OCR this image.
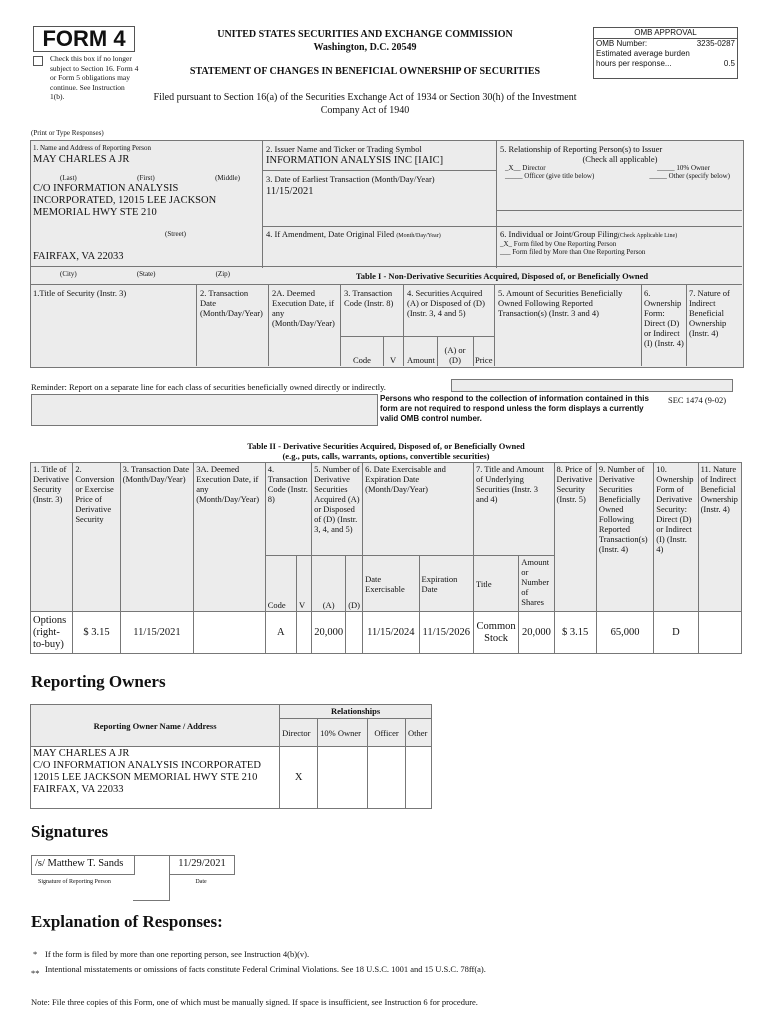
FORM 4
Check this box if no longer subject to Section 16. Form 4 or Form 5 obligations may continue. See Instruction 1(b).
UNITED STATES SECURITIES AND EXCHANGE COMMISSION
Washington, D.C. 20549
STATEMENT OF CHANGES IN BENEFICIAL OWNERSHIP OF SECURITIES
Filed pursuant to Section 16(a) of the Securities Exchange Act of 1934 or Section 30(h) of the Investment Company Act of 1940
OMB APPROVAL
OMB Number:	3235-0287
Estimated average burden
hours per response...	0.5
(Print or Type Responses)
1. Name and Address of Reporting Person
MAY CHARLES A JR
(Last)	(First)	(Middle)
C/O INFORMATION ANALYSIS
INCORPORATED, 12015 LEE JACKSON
MEMORIAL HWY STE 210
(Street)
FAIRFAX, VA 22033
(City)	(State)	(Zip)
2. Issuer Name and Ticker or Trading Symbol
INFORMATION ANALYSIS INC [IAIC]
3. Date of Earliest Transaction (Month/Day/Year)
11/15/2021
4. If Amendment, Date Original Filed (Month/Day/Year)
5. Relationship of Reporting Person(s) to Issuer
(Check all applicable)
_X__ Director	_____ 10% Owner
_____ Officer (give title below)	_____ Other (specify below)
6. Individual or Joint/Group Filing(Check Applicable Line)
_X_ Form filed by One Reporting Person
___ Form filed by More than One Reporting Person
Table I - Non-Derivative Securities Acquired, Disposed of, or Beneficially Owned
1.Title of Security (Instr. 3)	2. Transaction Date (Month/Day/Year)
2A. Deemed Execution Date, if any (Month/Day/Year)
3. Transaction Code (Instr. 8)
4. Securities Acquired (A) or Disposed of (D) (Instr. 3, 4 and 5)
5. Amount of Securities Beneficially Owned Following Reported Transaction(s) (Instr. 3 and 4)
6. Ownership Form: Direct (D) or Indirect (I) (Instr. 4)
7. Nature of Indirect Beneficial Ownership (Instr. 4)
Code V Amount
(A) or (D)	Price
Reminder: Report on a separate line for each class of securities beneficially owned directly or indirectly.
Persons who respond to the collection of information contained in this form are not required to respond unless the form displays a currently valid OMB control number.
SEC 1474 (9-02)
Table II - Derivative Securities Acquired, Disposed of, or Beneficially Owned
(e.g., puts, calls, warrants, options, convertible securities)
1. Title of Derivative Security (Instr. 3)	2. Conversion or Exercise Price of Derivative Security	3. Transaction Date (Month/Day/Year)	3A. Deemed Execution Date, if any (Month/Day/Year)	4. Transaction Code (Instr. 8)		5. Number of Derivative Securities Acquired (A) or Disposed of (D) (Instr. 3, 4, and 5)		6. Date Exercisable and Expiration Date (Month/Day/Year)		7. Title and Amount of Underlying Securities (Instr. 3 and 4)		8. Price of Derivative Security (Instr. 5)	9. Number of Derivative Securities Beneficially Owned Following Reported Transaction(s) (Instr. 4)	10. Ownership Form of Derivative Security: Direct (D) or Indirect (I) (Instr. 4)	11. Nature of Indirect Beneficial Ownership (Instr. 4)
				Code	V	(A)	(D)	Date Exercisable	Expiration Date	Title	Amount or Number of Shares				
Options (right-to-buy)	$ 3.15	11/15/2021		A		20,000		11/15/2024	11/15/2026	Common Stock	20,000	$ 3.15	65,000	D	
Reporting Owners
Reporting Owner Name / Address	Relationships			
	Director	10% Owner	Officer	Other

MAY CHARLES A JR
C/O INFORMATION ANALYSIS INCORPORATED
12015 LEE JACKSON MEMORIAL HWY STE 210
FAIRFAX, VA 22033	X			
Signatures
/s/ Matthew T. Sands
Signature of Reporting Person
11/29/2021
Date
Explanation of Responses:
* If the form is filed by more than one reporting person, see Instruction 4(b)(v).
** Intentional misstatements or omissions of facts constitute Federal Criminal Violations. See 18 U.S.C. 1001 and 15 U.S.C. 78ff(a).
Note: File three copies of this Form, one of which must be manually signed. If space is insufficient, see Instruction 6 for procedure.
